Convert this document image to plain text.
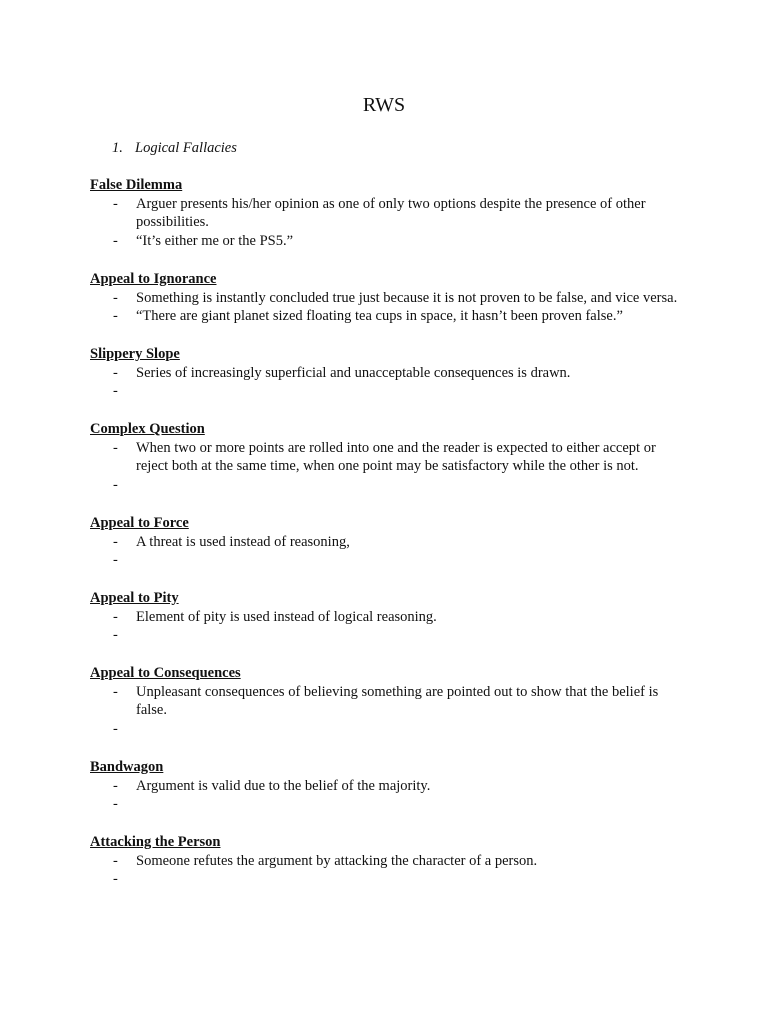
RWS
1. Logical Fallacies
False Dilemma
-	Arguer presents his/her opinion as one of only two options despite the presence of other possibilities.
-	“It’s either me or the PS5.”
Appeal to Ignorance
-	Something is instantly concluded true just because it is not proven to be false, and vice versa.
-	“There are giant planet sized floating tea cups in space, it hasn’t been proven false.”
Slippery Slope
-	Series of increasingly superficial and unacceptable consequences is drawn.
-
Complex Question
-	When two or more points are rolled into one and the reader is expected to either accept or reject both at the same time, when one point may be satisfactory while the other is not.
-
Appeal to Force
-	A threat is used instead of reasoning,
-
Appeal to Pity
-	Element of pity is used instead of logical reasoning.
-
Appeal to Consequences
-	Unpleasant consequences of believing something are pointed out to show that the belief is false.
-
Bandwagon
-	Argument is valid due to the belief of the majority.
-
Attacking the Person
-	Someone refutes the argument by attacking the character of a person.
-
